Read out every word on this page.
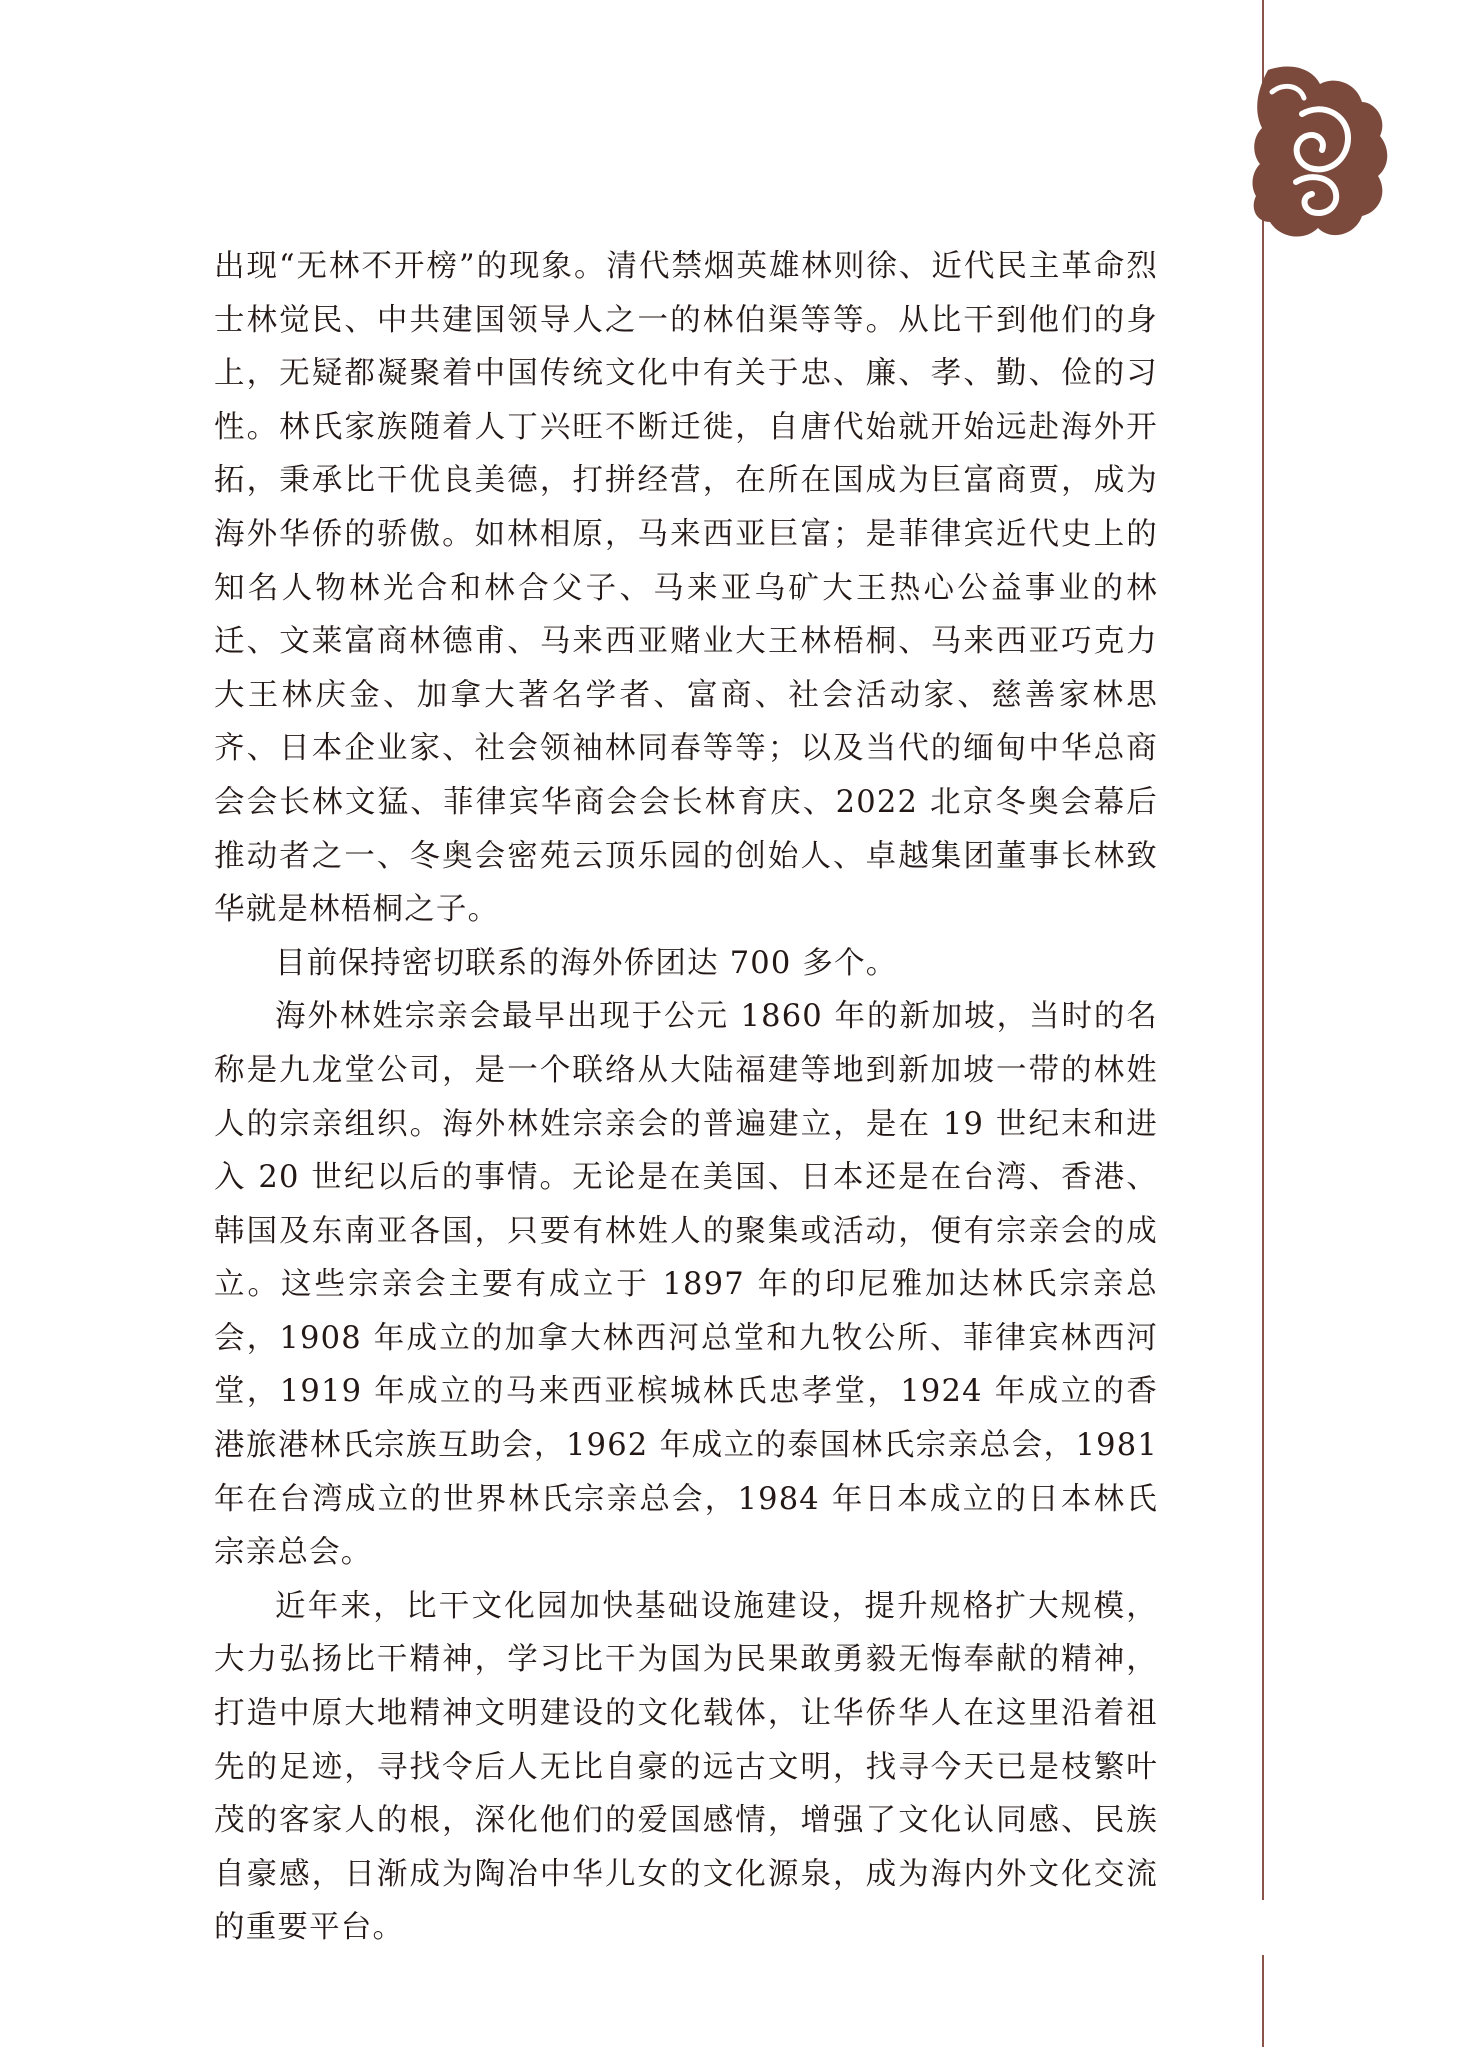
出现“无林不开榜”的现象。清代禁烟英雄林则徐、近代民主革命烈士林觉民、中共建国领导人之一的林伯渠等等。从比干到他们的身上，无疑都凝聚着中国传统文化中有关于忠、廉、孝、勤、俭的习性。林氏家族随着人丁兴旺不断迁徙，自唐代始就开始远赴海外开拓，秉承比干优良美德，打拼经营，在所在国成为巨富商贾，成为海外华侨的骄傲。如林相原，马来西亚巨富；是菲律宾近代史上的知名人物林光合和林合父子、马来亚乌矿大王热心公益事业的林迁、文莱富商林德甫、马来西亚赌业大王林梧桐、马来西亚巧克力大王林庆金、加拿大著名学者、富商、社会活动家、慈善家林思齐、日本企业家、社会领袖林同春等等；以及当代的缅甸中华总商会会长林文猛、菲律宾华商会会长林育庆、2022 北京冬奥会幕后推动者之一、冬奥会密苑云顶乐园的创始人、卓越集团董事长林致华就是林梧桐之子。

目前保持密切联系的海外侨团达 700 多个。

海外林姓宗亲会最早出现于公元 1860 年的新加坡，当时的名称是九龙堂公司，是一个联络从大陆福建等地到新加坡一带的林姓人的宗亲组织。海外林姓宗亲会的普遍建立，是在 19 世纪末和进入 20 世纪以后的事情。无论是在美国、日本还是在台湾、香港、韩国及东南亚各国，只要有林姓人的聚集或活动，便有宗亲会的成立。这些宗亲会主要有成立于 1897 年的印尼雅加达林氏宗亲总会，1908 年成立的加拿大林西河总堂和九牧公所、菲律宾林西河堂，1919 年成立的马来西亚槟城林氏忠孝堂，1924 年成立的香港旅港林氏宗族互助会，1962 年成立的泰国林氏宗亲总会，1981 年在台湾成立的世界林氏宗亲总会，1984 年日本成立的日本林氏宗亲总会。

近年来，比干文化园加快基础设施建设，提升规格扩大规模，大力弘扬比干精神，学习比干为国为民果敢勇毅无悔奉献的精神，打造中原大地精神文明建设的文化载体，让华侨华人在这里沿着祖先的足迹，寻找令后人无比自豪的远古文明，找寻今天已是枝繁叶茂的客家人的根，深化他们的爱国感情，增强了文化认同感、民族自豪感，日渐成为陶冶中华儿女的文化源泉，成为海内外文化交流的重要平台。
